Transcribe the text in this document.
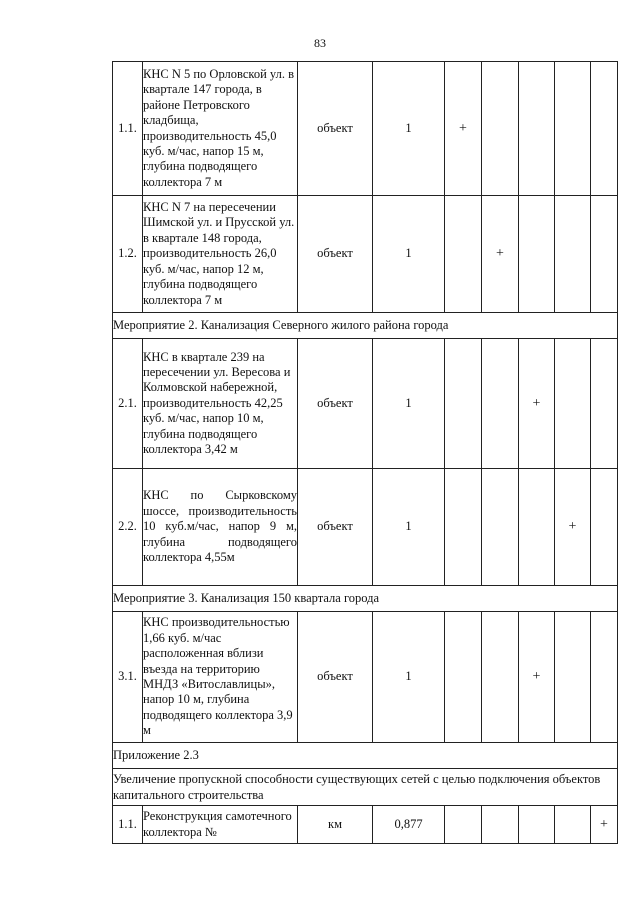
83
1.1.	КНС N 5 по Орловской ул. в квартале 147 города, в районе Петровского кладбища, производительность 45,0 куб. м/час, напор 15 м, глубина подводящего коллектора 7 м	объект	1	+				
1.2.	КНС N 7 на пересечении Шимской ул. и Прусской ул. в квартале 148 города, производительность 26,0 куб. м/час, напор 12 м, глубина подводящего коллектора 7 м	объект	1		+			
Мероприятие 2. Канализация Северного жилого района города								
2.1.	КНС в квартале 239 на пересечении ул. Вересова и Колмовской набережной, производительность 42,25 куб. м/час, напор 10 м, глубина подводящего коллектора 3,42 м	объект	1			+		
2.2.	КНС по Сырковскому шоссе, производительность 10 куб.м/час, напор 9 м, глубина подводящего коллектора 4,55м	объект	1				+	
Мероприятие 3. Канализация 150 квартала города								
3.1.	КНС производительностью 1,66 куб. м/час расположенная вблизи въезда на территорию МНДЗ «Витославлицы», напор 10 м, глубина подводящего коллектора 3,9 м	объект	1			+		
Приложение 2.3								
Увеличение пропускной способности существующих сетей с целью подключения объектов капитального строительства								
1.1.	Реконструкция самотечного коллектора №	км	0,877					+
